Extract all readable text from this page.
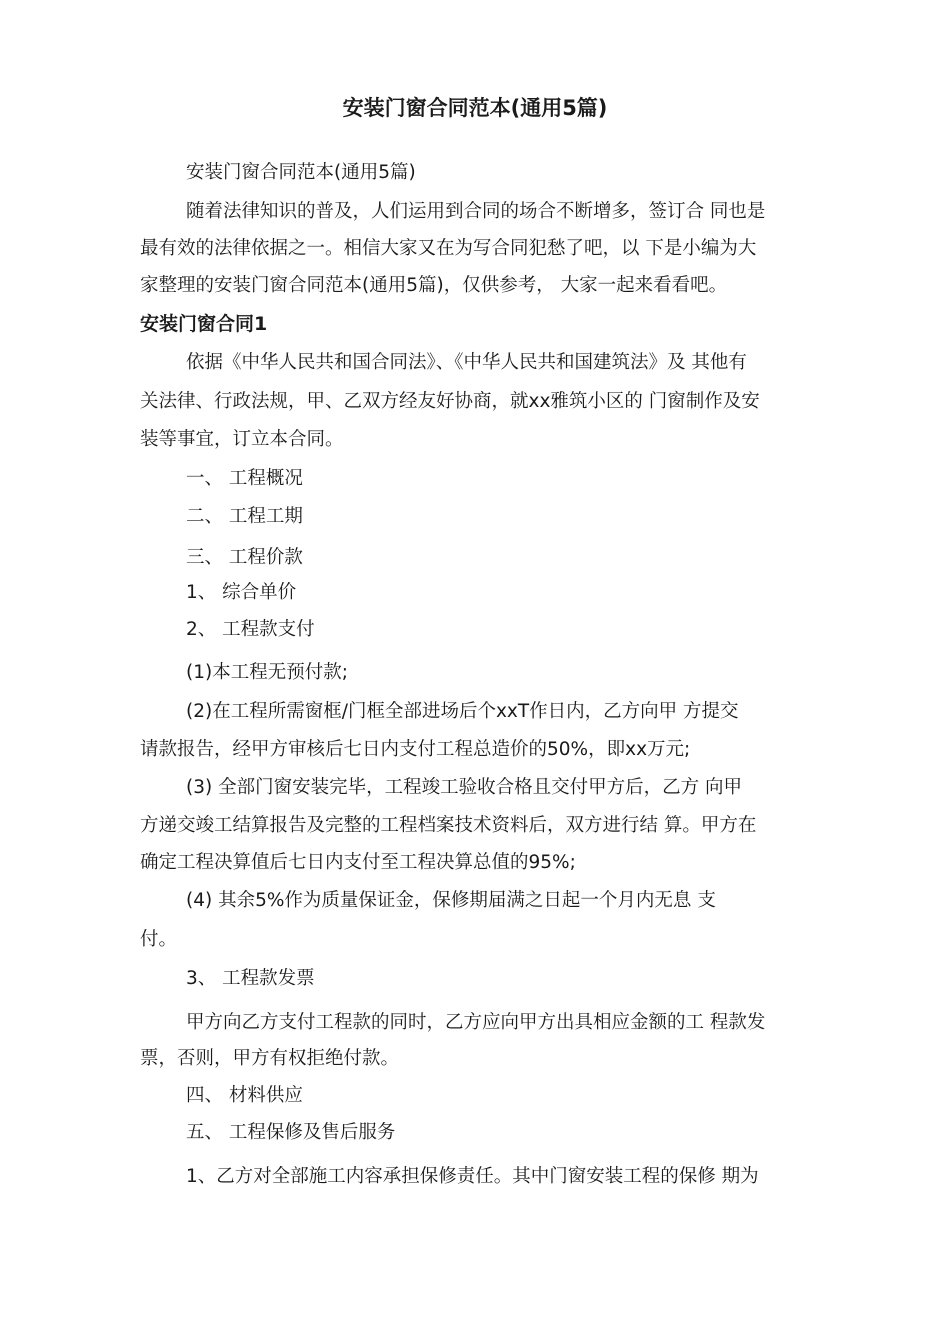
安装门窗合同范本(通用5篇)

安装门窗合同范本(通用5篇)

随着法律知识的普及，人们运用到合同的场合不断增多，签订合 同也是

最有效的法律依据之一。相信大家又在为写合同犯愁了吧，以 下是小编为大

家整理的安装门窗合同范本(通用5篇)，仅供参考， 大家一起来看看吧。

安装门窗合同1

依据《中华人民共和国合同法》、《中华人民共和国建筑法》及 其他有

关法律、行政法规，甲、乙双方经友好协商，就xx雅筑小区的 门窗制作及安

装等事宜，订立本合同。

一、 工程概况

二、 工程工期

三、 工程价款

1、 综合单价

2、 工程款支付

(1)本工程无预付款;

(2)在工程所需窗框/门框全部进场后个xxT作日内，乙方向甲 方提交

请款报告，经甲方审核后七日内支付工程总造价的50%，即xx万元;

(3) 全部门窗安装完毕，工程竣工验收合格且交付甲方后，乙方 向甲

方递交竣工结算报告及完整的工程档案技术资料后，双方进行结 算。甲方在

确定工程决算值后七日内支付至工程决算总值的95%;

(4) 其余5%作为质量保证金，保修期届满之日起一个月内无息 支

付。

3、 工程款发票

甲方向乙方支付工程款的同时，乙方应向甲方出具相应金额的工 程款发

票，否则，甲方有权拒绝付款。

四、 材料供应

五、 工程保修及售后服务

1、乙方对全部施工内容承担保修责任。其中门窗安装工程的保修 期为
